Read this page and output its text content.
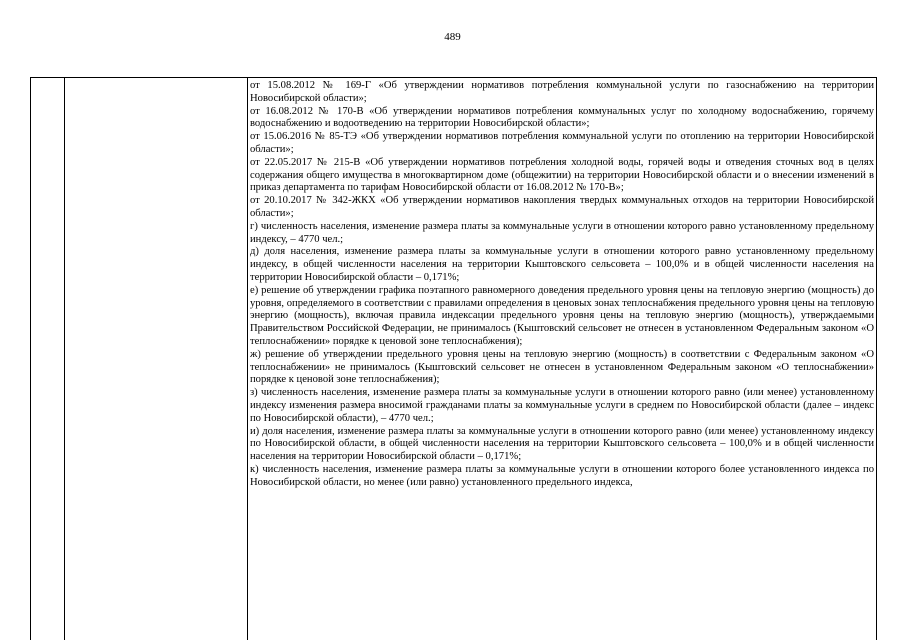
489

от 15.08.2012 № 169-Г «Об утверждении нормативов потребления коммунальной услуги по газоснабжению на территории Новосибирской области»;

от 16.08.2012 № 170-В «Об утверждении нормативов потребления коммунальных услуг по холодному водоснабжению, горячему водоснабжению и водоотведению на территории Новосибирской области»;

от 15.06.2016 № 85-ТЭ «Об утверждении нормативов потребления коммунальной услуги по отоплению на территории Новосибирской области»;

от 22.05.2017 № 215-В «Об утверждении нормативов потребления холодной воды, горячей воды и отведения сточных вод в целях содержания общего имущества в многоквартирном доме (общежитии) на территории Новосибирской области и о внесении изменений в приказ департамента по тарифам Новосибирской области от 16.08.2012 № 170-В»;

от 20.10.2017 № 342-ЖКХ «Об утверждении нормативов накопления твердых коммунальных отходов на территории Новосибирской области»;

г) численность населения, изменение размера платы за коммунальные услуги в отношении которого равно установленному предельному индексу, – 4770 чел.;

д) доля населения, изменение размера платы за коммунальные услуги в отношении которого равно установленному предельному индексу, в общей численности населения на территории Кыштовского сельсовета – 100,0% и в общей численности населения на территории Новосибирской области – 0,171%;

е) решение об утверждении графика поэтапного равномерного доведения предельного уровня цены на тепловую энергию (мощность) до уровня, определяемого в соответствии с правилами определения в ценовых зонах теплоснабжения предельного уровня цены на тепловую энергию (мощность), включая правила индексации предельного уровня цены на тепловую энергию (мощность), утверждаемыми Правительством Российской Федерации, не принималось (Кыштовский сельсовет не отнесен в установленном Федеральным законом «О теплоснабжении» порядке к ценовой зоне теплоснабжения);

ж) решение об утверждении предельного уровня цены на тепловую энергию (мощность) в соответствии с Федеральным законом «О теплоснабжении» не принималось (Кыштовский сельсовет не отнесен в установленном Федеральным законом «О теплоснабжении» порядке к ценовой зоне теплоснабжения);

з) численность населения, изменение размера платы за коммунальные услуги в отношении которого равно (или менее) установленному индексу изменения размера вносимой гражданами платы за коммунальные услуги в среднем по Новосибирской области (далее – индекс по Новосибирской области), – 4770 чел.;

и) доля населения, изменение размера платы за коммунальные услуги в отношении которого равно (или менее) установленному индексу по Новосибирской области, в общей численности населения на территории Кыштовского сельсовета – 100,0% и в общей численности населения на территории Новосибирской области – 0,171%;

к) численность населения, изменение размера платы за коммунальные услуги в отношении которого более установленного индекса по Новосибирской области, но менее (или равно) установленного предельного индекса,
